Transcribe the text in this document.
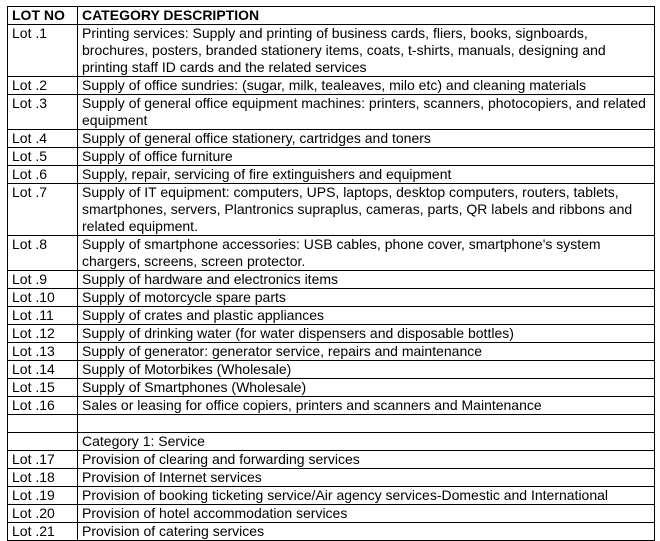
LOT NO	CATEGORY DESCRIPTION
Lot .1	Printing services: Supply and printing of business cards, fliers, books, signboards, brochures, posters, branded stationery items, coats, t-shirts, manuals, designing and printing staff ID cards and the related services
Lot .2	Supply of office sundries: (sugar, milk, tealeaves, milo etc) and cleaning materials
Lot .3	Supply of general office equipment machines: printers, scanners, photocopiers, and related equipment
Lot .4	Supply of general office stationery, cartridges and toners
Lot .5	Supply of office furniture
Lot .6	Supply, repair, servicing of fire extinguishers and equipment
Lot .7	Supply of IT equipment: computers, UPS, laptops, desktop computers, routers, tablets, smartphones, servers, Plantronics supraplus, cameras, parts, QR labels and ribbons and related equipment.
Lot .8	Supply of smartphone accessories: USB cables, phone cover, smartphone's system chargers, screens, screen protector.
Lot .9	Supply of hardware and electronics items
Lot .10	Supply of motorcycle spare parts
Lot .11	Supply of crates and plastic appliances
Lot .12	Supply of drinking water (for water dispensers and disposable bottles)
Lot .13	Supply of generator: generator service, repairs and maintenance
Lot .14	Supply of Motorbikes (Wholesale)
Lot .15	Supply of Smartphones (Wholesale)
Lot .16	Sales or leasing for office copiers, printers and scanners and Maintenance

	Category 1: Service
Lot .17	Provision of clearing and forwarding services
Lot .18	Provision of Internet services
Lot .19	Provision of booking ticketing service/Air agency services-Domestic and International
Lot .20	Provision of hotel accommodation services
Lot .21	Provision of catering services
